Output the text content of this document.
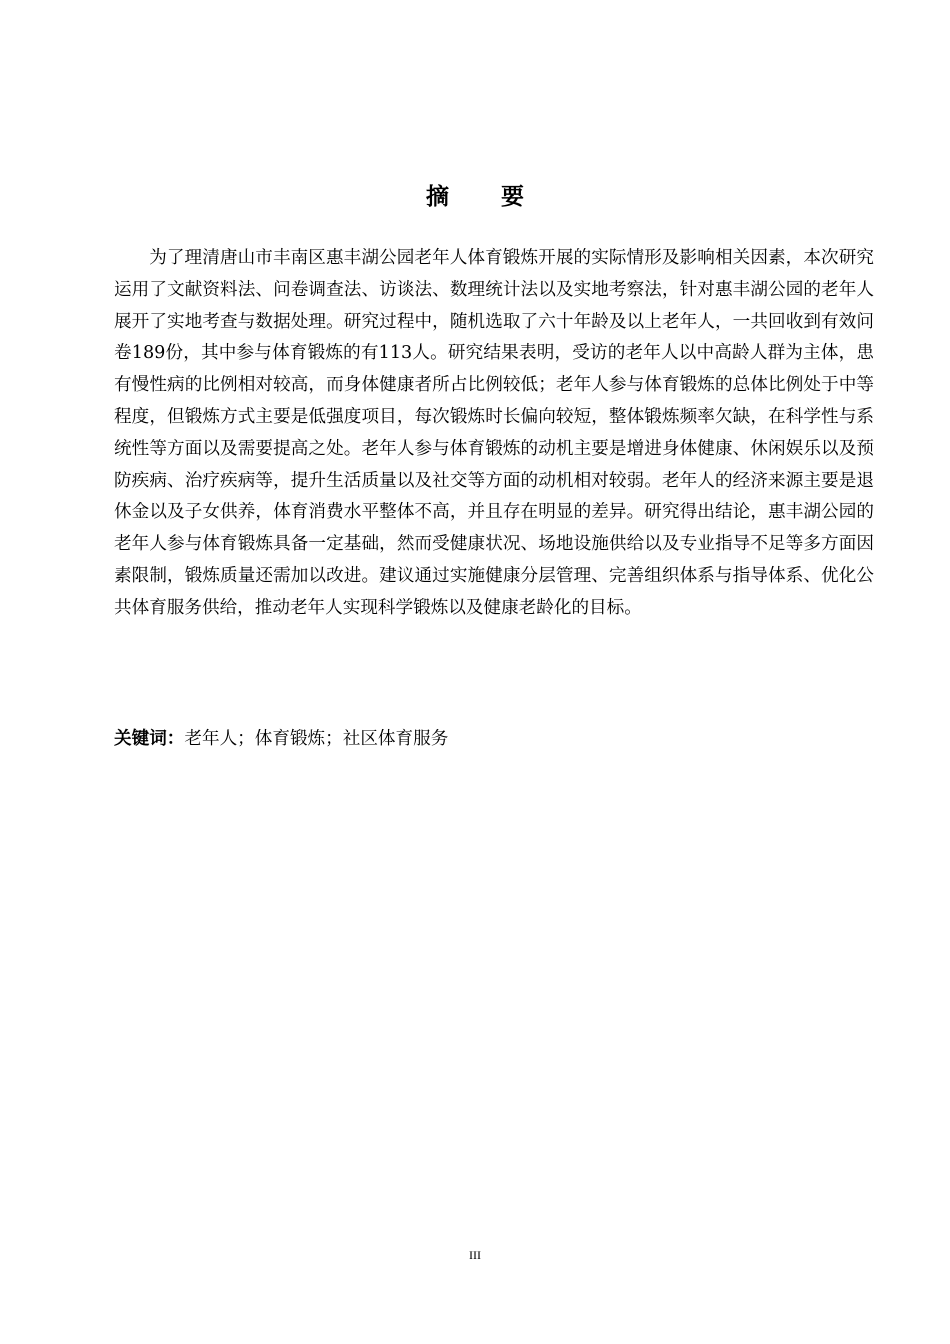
摘 要

为了理清唐山市丰南区惠丰湖公园老年人体育锻炼开展的实际情形及影响相关因素，本次研究运用了文献资料法、问卷调查法、访谈法、数理统计法以及实地考察法，针对惠丰湖公园的老年人展开了实地考查与数据处理。研究过程中，随机选取了六十年龄及以上老年人，一共回收到有效问卷189份，其中参与体育锻炼的有113人。研究结果表明，受访的老年人以中高龄人群为主体，患有慢性病的比例相对较高，而身体健康者所占比例较低；老年人参与体育锻炼的总体比例处于中等程度，但锻炼方式主要是低强度项目，每次锻炼时长偏向较短，整体锻炼频率欠缺，在科学性与系统性等方面以及需要提高之处。老年人参与体育锻炼的动机主要是增进身体健康、休闲娱乐以及预防疾病、治疗疾病等，提升生活质量以及社交等方面的动机相对较弱。老年人的经济来源主要是退休金以及子女供养，体育消费水平整体不高，并且存在明显的差异。研究得出结论，惠丰湖公园的老年人参与体育锻炼具备一定基础，然而受健康状况、场地设施供给以及专业指导不足等多方面因素限制，锻炼质量还需加以改进。建议通过实施健康分层管理、完善组织体系与指导体系、优化公共体育服务供给，推动老年人实现科学锻炼以及健康老龄化的目标。

关键词：老年人；体育锻炼；社区体育服务

III
